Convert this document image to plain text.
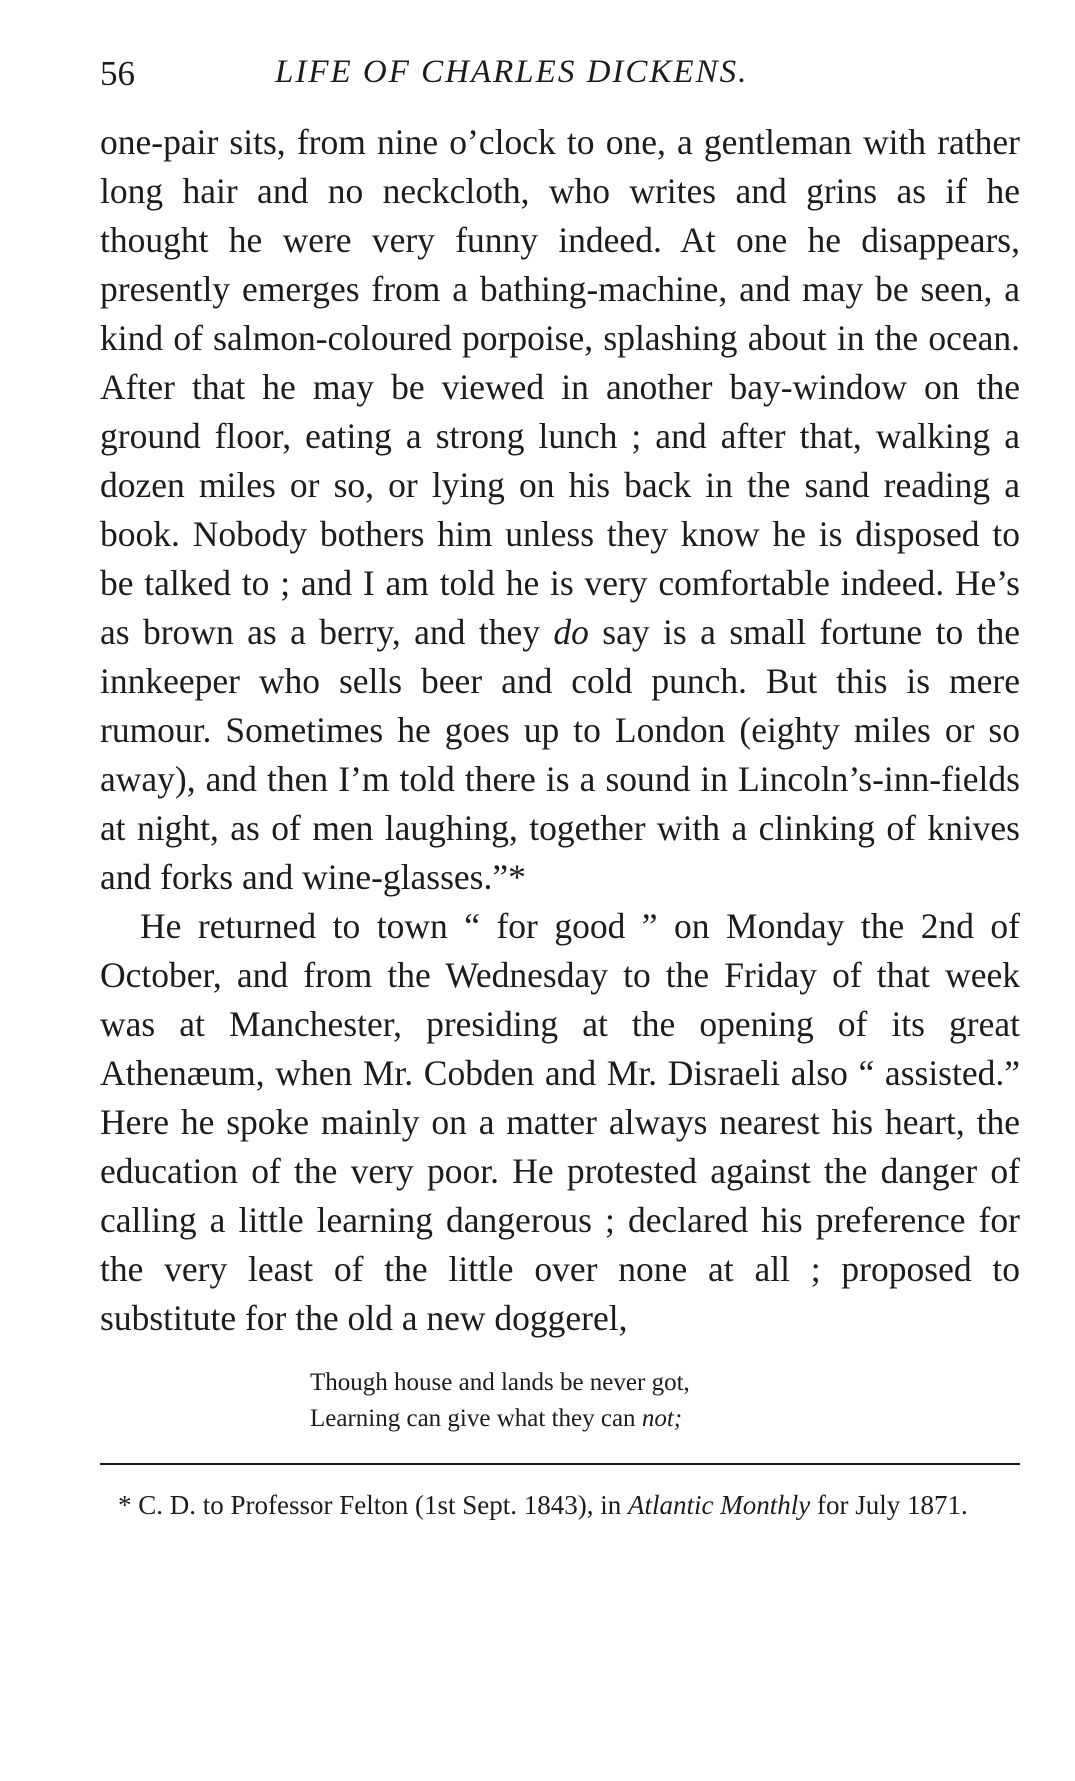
56	LIFE OF CHARLES DICKENS.

one-pair sits, from nine o’clock to one, a gentleman with rather long hair and no neckcloth, who writes and grins as if he thought he were very funny indeed. At one he disappears, presently emerges from a bathing-machine, and may be seen, a kind of salmon-coloured porpoise, splashing about in the ocean. After that he may be viewed in another bay-window on the ground floor, eating a strong lunch ; and after that, walking a dozen miles or so, or lying on his back in the sand reading a book. Nobody bothers him unless they know he is disposed to be talked to ; and I am told he is very comfortable indeed. He’s as brown as a berry, and they do say is a small fortune to the innkeeper who sells beer and cold punch. But this is mere rumour. Sometimes he goes up to London (eighty miles or so away), and then I’m told there is a sound in Lincoln’s-inn-fields at night, as of men laughing, together with a clinking of knives and forks and wine-glasses.”*

He returned to town “ for good ” on Monday the 2nd of October, and from the Wednesday to the Friday of that week was at Manchester, presiding at the opening of its great Athenæum, when Mr. Cobden and Mr. Disraeli also “ assisted.” Here he spoke mainly on a matter always nearest his heart, the education of the very poor. He protested against the danger of calling a little learning dangerous ; declared his preference for the very least of the little over none at all ; proposed to substitute for the old a new doggerel,

Though house and lands be never got,
Learning can give what they can not;
* C. D. to Professor Felton (1st Sept. 1843), in Atlantic Monthly for July 1871.
